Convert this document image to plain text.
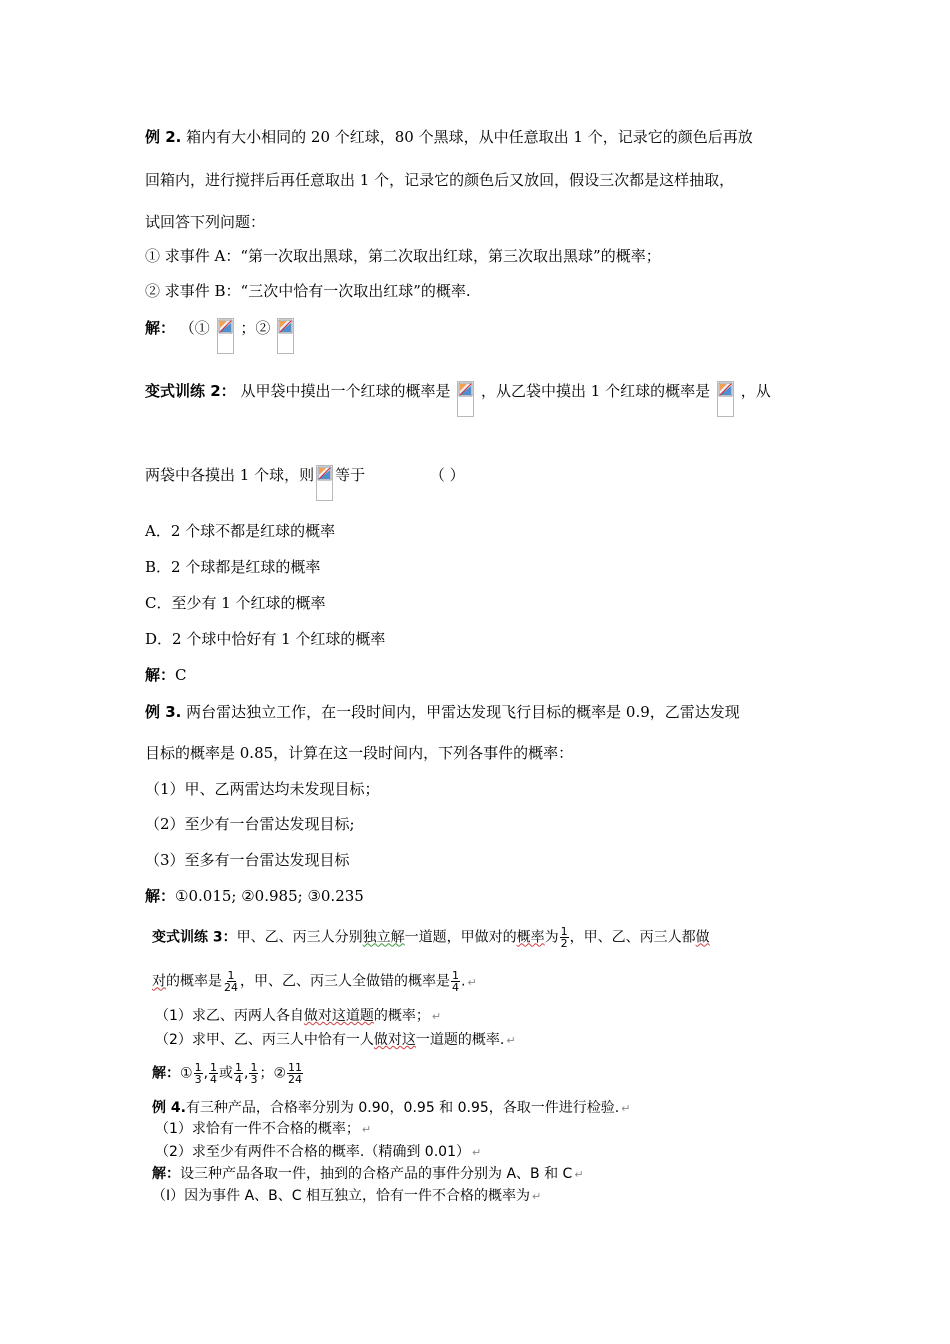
例 2. 箱内有大小相同的 20 个红球，80 个黑球，从中任意取出 1 个，记录它的颜色后再放
回箱内，进行搅拌后再任意取出 1 个，记录它的颜色后又放回，假设三次都是这样抽取，
试回答下列问题：
① 求事件 A：“第一次取出黑球，第二次取出红球，第三次取出黑球”的概率；
② 求事件 B：“三次中恰有一次取出红球”的概率.
解： （① ；②
变式训练 2： 从甲袋中摸出一个红球的概率是 ，从乙袋中摸出 1 个红球的概率是 ，从
两袋中各摸出 1 个球，则 等于	（ ）
A．2 个球不都是红球的概率
B．2 个球都是红球的概率
C．至少有 1 个红球的概率
D．2 个球中恰好有 1 个红球的概率
解：C
例 3. 两台雷达独立工作，在一段时间内，甲雷达发现飞行目标的概率是 0.9，乙雷达发现
目标的概率是 0.85，计算在这一段时间内，下列各事件的概率：
（1）甲、乙两雷达均未发现目标；
（2）至少有一台雷达发现目标;
（3）至多有一台雷达发现目标
解：①0.015; ②0.985; ③0.235
变式训练 3：甲、乙、丙三人分别独立解一道题，甲做对的概率为 $\frac{1}{2}$ ，甲、乙、丙三人都做
对的概率是 $\frac{1}{24}$ ，甲、乙、丙三人全做错的概率是 $\frac{1}{4}$ . ↵
（1）求乙、丙两人各自做对这道题的概率； ↵
（2）求甲、乙、丙三人中恰有一人做对这一道题的概率. ↵
解：① $\frac{1}{3}$ , $\frac{1}{4}$ 或 $\frac{1}{4}$ , $\frac{1}{3}$ ；② $\frac{11}{24}$
例 4.有三种产品，合格率分别为 0.90，0.95 和 0.95，各取一件进行检验. ↵
（1）求恰有一件不合格的概率； ↵
（2）求至少有两件不合格的概率.（精确到 0.01） ↵
解：设三种产品各取一件，抽到的合格产品的事件分别为 A、B 和 C ↵
（Ⅰ）因为事件 A、B、C 相互独立，恰有一件不合格的概率为 ↵
